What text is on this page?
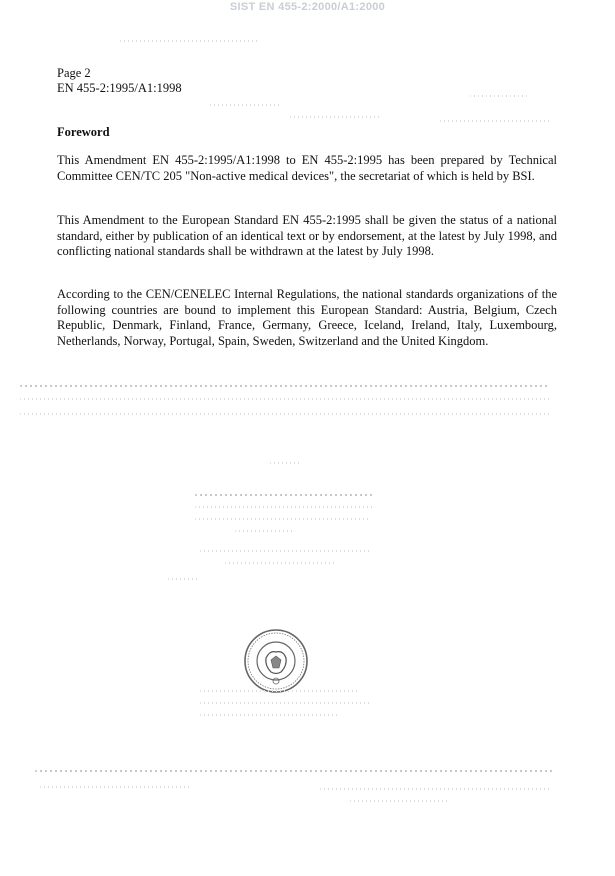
SIST EN 455-2:2000/A1:2000
Page 2
EN 455-2:1995/A1:1998
Foreword
This Amendment EN 455-2:1995/A1:1998 to EN 455-2:1995 has been prepared by Technical Committee CEN/TC 205 "Non-active medical devices", the secretariat of which is held by BSI.
This Amendment to the European Standard EN 455-2:1995 shall be given the status of a national standard, either by publication of an identical text or by endorsement, at the latest by July 1998, and conflicting national standards shall be withdrawn at the latest by July 1998.
According to the CEN/CENELEC Internal Regulations, the national standards organizations of the following countries are bound to implement this European Standard: Austria, Belgium, Czech Republic, Denmark, Finland, France, Germany, Greece, Iceland, Ireland, Italy, Luxembourg, Netherlands, Norway, Portugal, Spain, Sweden, Switzerland and the United Kingdom.
